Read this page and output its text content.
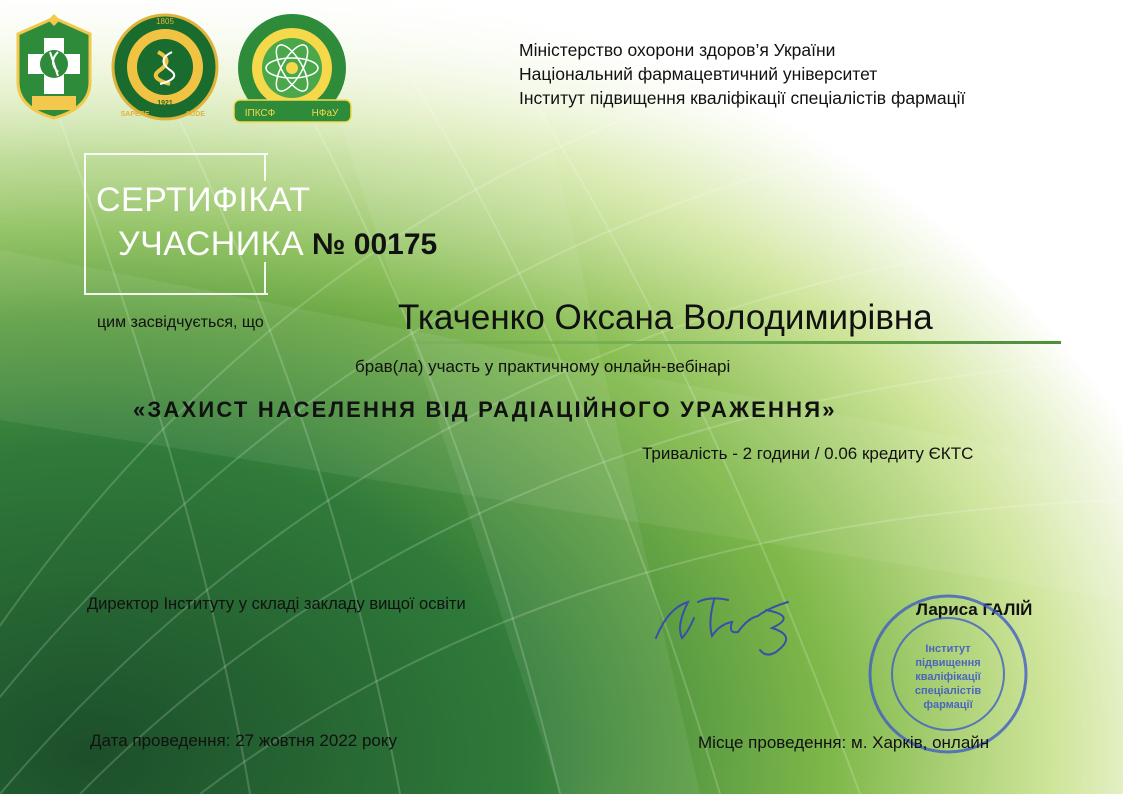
1805
1921
SAPERE	AUDE	ІПКСФ	НФаУ
Міністерство охорони здоров’я України
Національний фармацевтичний університет
Інститут підвищення кваліфікації спеціалістів фармації
СЕРТИФІКАТ
УЧАСНИКА № 00175
цим засвідчується, що	Ткаченко Оксана Володимирівна
брав(ла) участь у практичному онлайн-вебінарі
«ЗАХИСТ НАСЕЛЕННЯ ВІД РАДІАЦІЙНОГО УРАЖЕННЯ»
Тривалість - 2 години / 0.06 кредиту ЄКТС
Директор Інституту у складі закладу вищої освіти	Лариса ГАЛІЙ
Інститут
підвищення
кваліфікації
спеціалістів
фармації
Дата проведення: 27 жовтня 2022 року	Місце проведення: м. Харків, онлайн
